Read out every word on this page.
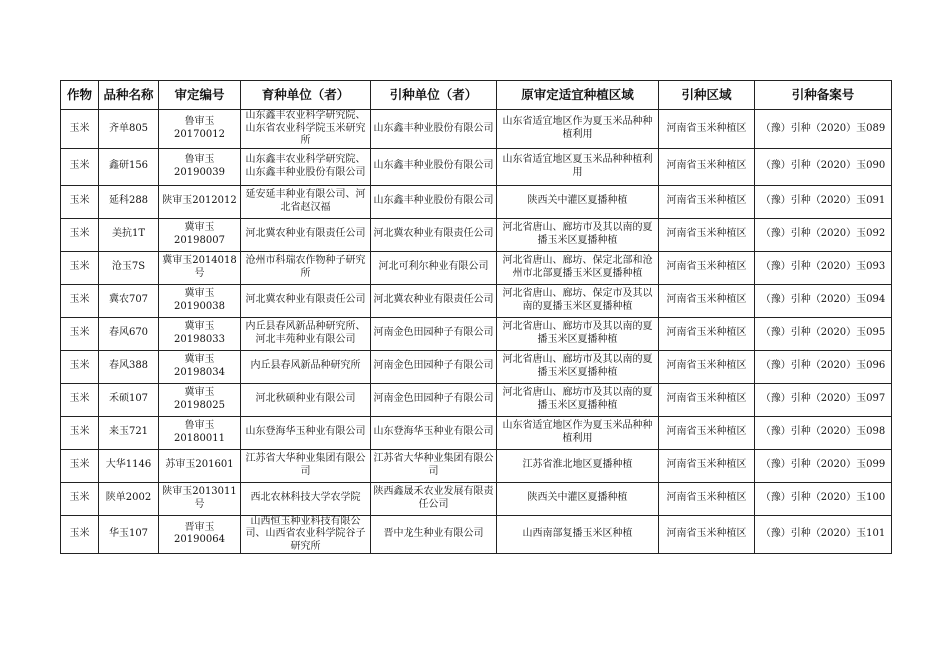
作物	品种名称	审定编号	育种单位（者）	引种单位（者）	原审定适宜种植区域	引种区域	引种备案号
玉米	齐单805	鲁审玉20170012	山东鑫丰农业科学研究院、山东省农业科学院玉米研究所	山东鑫丰种业股份有限公司	山东省适宜地区作为夏玉米品种种植利用	河南省玉米种植区	（豫）引种（2020）玉089
玉米	鑫研156	鲁审玉20190039	山东鑫丰农业科学研究院、山东鑫丰种业股份有限公司	山东鑫丰种业股份有限公司	山东省适宜地区夏玉米品种种植利用	河南省玉米种植区	（豫）引种（2020）玉090
玉米	延科288	陕审玉2012012	延安延丰种业有限公司、河北省赵汉福	山东鑫丰种业股份有限公司	陕西关中灌区夏播种植	河南省玉米种植区	（豫）引种（2020）玉091
玉米	美抗1T	冀审玉20198007	河北冀农种业有限责任公司	河北冀农种业有限责任公司	河北省唐山、廊坊市及其以南的夏播玉米区夏播种植	河南省玉米种植区	（豫）引种（2020）玉092
玉米	沧玉7S	冀审玉2014018号	沧州市科瑞农作物种子研究所	河北可利尔种业有限公司	河北省唐山、廊坊、保定北部和沧州市北部夏播玉米区夏播种植	河南省玉米种植区	（豫）引种（2020）玉093
玉米	冀农707	冀审玉20190038	河北冀农种业有限责任公司	河北冀农种业有限责任公司	河北省唐山、廊坊、保定市及其以南的夏播玉米区夏播种植	河南省玉米种植区	（豫）引种（2020）玉094
玉米	春风670	冀审玉20198033	内丘县春风新品种研究所、河北丰苑种业有限公司	河南金色田园种子有限公司	河北省唐山、廊坊市及其以南的夏播玉米区夏播种植	河南省玉米种植区	（豫）引种（2020）玉095
玉米	春风388	冀审玉20198034	内丘县春风新品种研究所	河南金色田园种子有限公司	河北省唐山、廊坊市及其以南的夏播玉米区夏播种植	河南省玉米种植区	（豫）引种（2020）玉096
玉米	禾硕107	冀审玉20198025	河北秋硕种业有限公司	河南金色田园种子有限公司	河北省唐山、廊坊市及其以南的夏播玉米区夏播种植	河南省玉米种植区	（豫）引种（2020）玉097
玉米	来玉721	鲁审玉20180011	山东登海华玉种业有限公司	山东登海华玉种业有限公司	山东省适宜地区作为夏玉米品种种植利用	河南省玉米种植区	（豫）引种（2020）玉098
玉米	大华1146	苏审玉201601	江苏省大华种业集团有限公司	江苏省大华种业集团有限公司	江苏省淮北地区夏播种植	河南省玉米种植区	（豫）引种（2020）玉099
玉米	陕单2002	陕审玉2013011号	西北农林科技大学农学院	陕西鑫晟禾农业发展有限责任公司	陕西关中灌区夏播种植	河南省玉米种植区	（豫）引种（2020）玉100
玉米	华玉107	晋审玉20190064	山西恒玉种业科技有限公司、山西省农业科学院谷子研究所	晋中龙生种业有限公司	山西南部复播玉米区种植	河南省玉米种植区	（豫）引种（2020）玉101
